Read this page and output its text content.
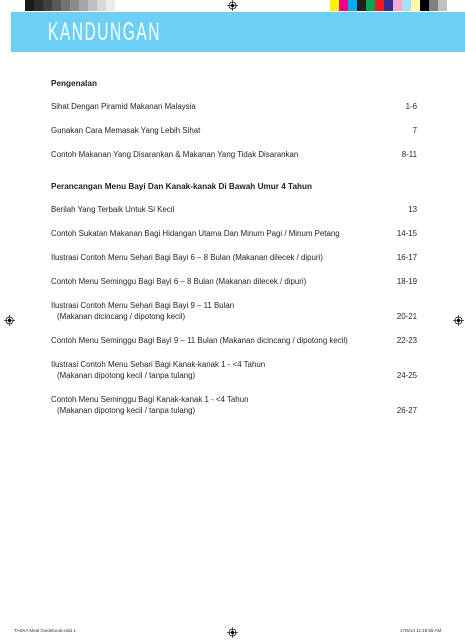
KANDUNGAN

Pengenalan

Sihat Dengan Piramid Makanan Malaysia	1-6
Gunakan Cara Memasak Yang Lebih Sihat	7
Contoh Makanan Yang Disarankan & Makanan Yang Tidak Disarankan	8-11

Perancangan Menu Bayi Dan Kanak-kanak Di Bawah Umur 4 Tahun

Berilah Yang Terbaik Untuk Si Kecil	13
Contoh Sukatan Makanan Bagi Hidangan Utama Dan Minum Pagi / Minum Petang	14-15
Ilustrasi Contoh Menu Sehari Bagi Bayi 6 – 8 Bulan (Makanan dilecek / dipuri)	16-17
Contoh Menu Seminggu Bagi Bayi 6 – 8 Bulan (Makanan dilecek / dipuri)	18-19
Ilustrasi Contoh Menu Sehari Bagi Bayi 9 – 11 Bulan
(Makanan dicincang / dipotong kecil)	20-21
Contoh Menu Seminggu Bagi Bayi 9 – 11 Bulan (Makanan dicincang / dipotong kecil)	22-23
Ilustrasi Contoh Menu Sehari Bagi Kanak-kanak 1 - <4 Tahun
(Makanan dipotong kecil / tanpa tulang)	24-25
Contoh Menu Seminggu Bagi Kanak-kanak 1 - <4 Tahun
(Makanan dipotong kecil / tanpa tulang)	26-27
TASKA Meal Guidebook.indd 1	17/6/14 11:48:58 AM
